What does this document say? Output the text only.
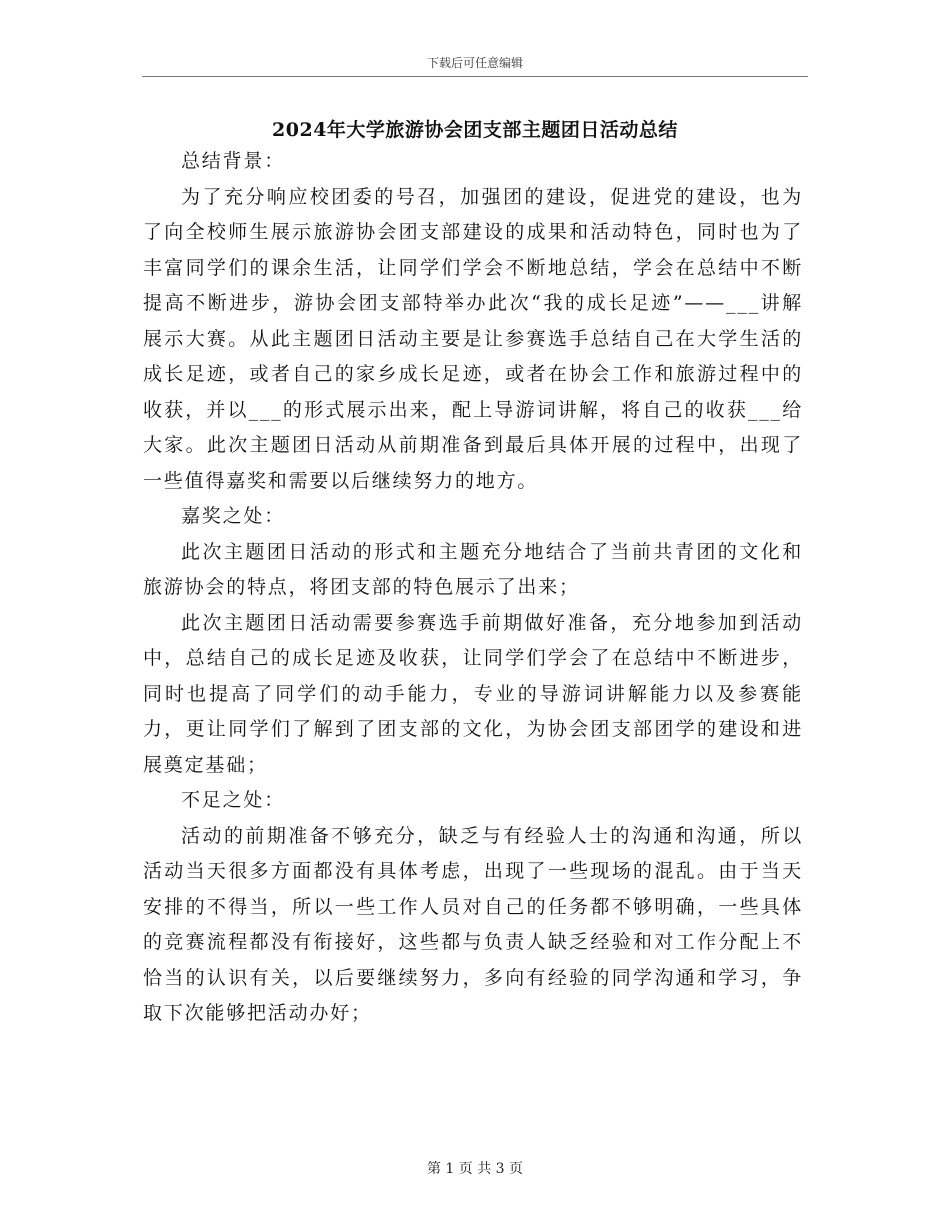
下载后可任意编辑
2024年大学旅游协会团支部主题团日活动总结

总结背景：

为了充分响应校团委的号召，加强团的建设，促进党的建设，也为了向全校师生展示旅游协会团支部建设的成果和活动特色，同时也为了丰富同学们的课余生活，让同学们学会不断地总结，学会在总结中不断提高不断进步，游协会团支部特举办此次“我的成长足迹”——___讲解展示大赛。从此主题团日活动主要是让参赛选手总结自己在大学生活的成长足迹，或者自己的家乡成长足迹，或者在协会工作和旅游过程中的收获，并以___的形式展示出来，配上导游词讲解，将自己的收获___给大家。此次主题团日活动从前期准备到最后具体开展的过程中，出现了一些值得嘉奖和需要以后继续努力的地方。

嘉奖之处：

此次主题团日活动的形式和主题充分地结合了当前共青团的文化和旅游协会的特点，将团支部的特色展示了出来；

此次主题团日活动需要参赛选手前期做好准备，充分地参加到活动中，总结自己的成长足迹及收获，让同学们学会了在总结中不断进步，同时也提高了同学们的动手能力，专业的导游词讲解能力以及参赛能力，更让同学们了解到了团支部的文化，为协会团支部团学的建设和进展奠定基础；

不足之处：

活动的前期准备不够充分，缺乏与有经验人士的沟通和沟通，所以活动当天很多方面都没有具体考虑，出现了一些现场的混乱。由于当天安排的不得当，所以一些工作人员对自己的任务都不够明确，一些具体的竞赛流程都没有衔接好，这些都与负责人缺乏经验和对工作分配上不恰当的认识有关，以后要继续努力，多向有经验的同学沟通和学习，争取下次能够把活动办好；

第 1 页 共 3 页
